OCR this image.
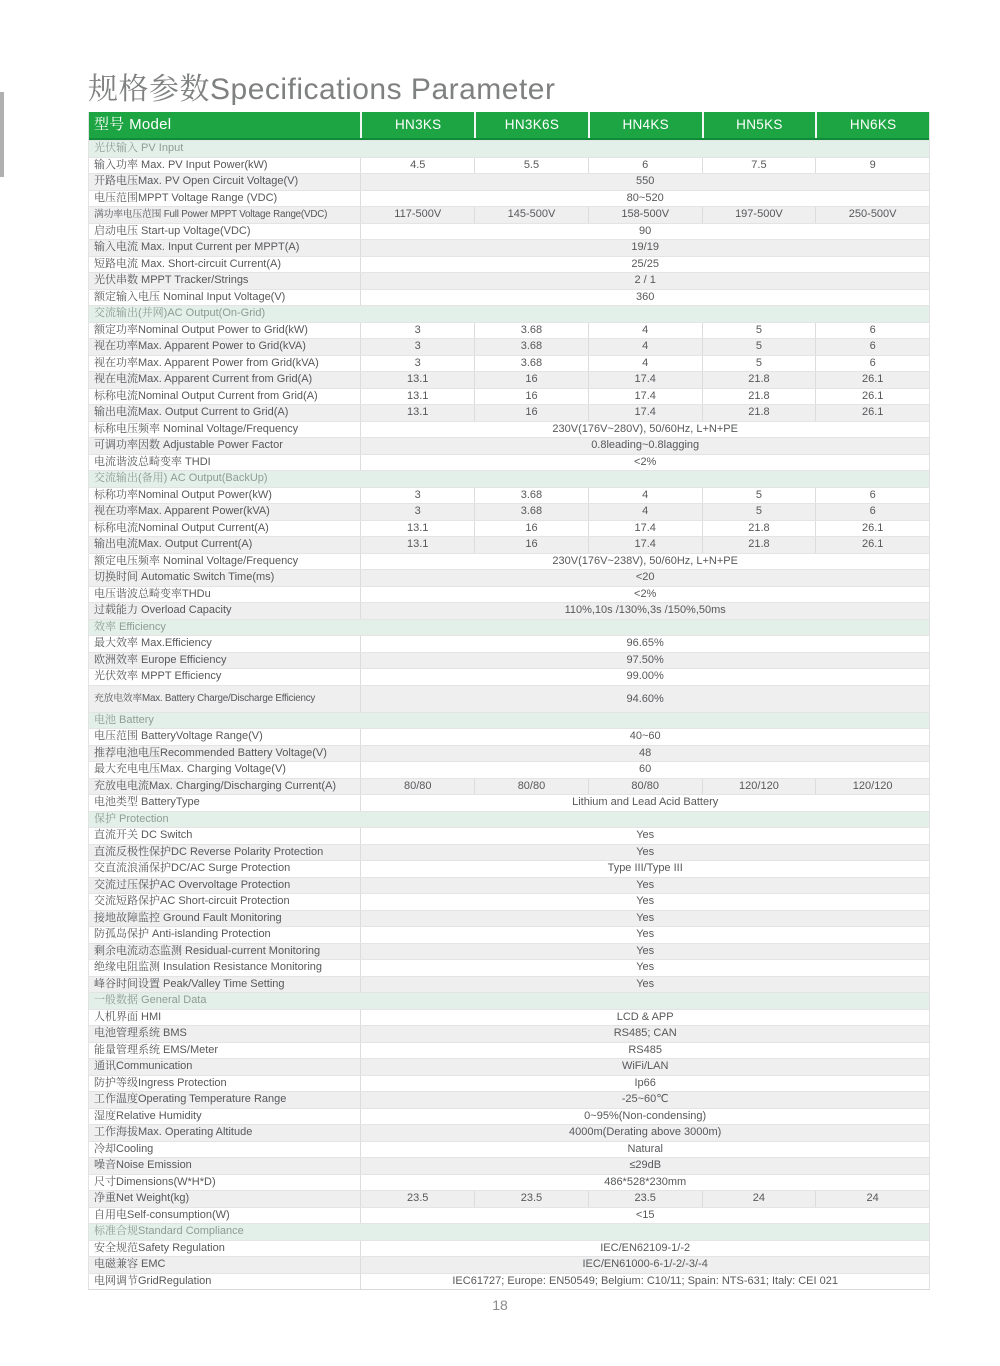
规格参数Specifications Parameter
型号 Model	HN3KS	HN3K6S	HN4KS	HN5KS	HN6KS
光伏输入 PV Input
输入功率 Max. PV Input Power(kW)	4.5	5.5	6	7.5	9
开路电压Max. PV Open Circuit Voltage(V)	550
电压范围MPPT Voltage Range (VDC)	80~520
满功率电压范围 Full Power MPPT Voltage Range(VDC)	117-500V	145-500V	158-500V	197-500V	250-500V
启动电压 Start-up Voltage(VDC)	90
输入电流 Max. Input Current per MPPT(A)	19/19
短路电流 Max. Short-circuit Current(A)	25/25
光伏串数 MPPT Tracker/Strings	2 / 1
额定输入电压 Nominal Input Voltage(V)	360
交流输出(并网)AC Output(On-Grid)
额定功率Nominal Output Power to Grid(kW)	3	3.68	4	5	6
视在功率Max. Apparent Power to Grid(kVA)	3	3.68	4	5	6
视在功率Max. Apparent Power from Grid(kVA)	3	3.68	4	5	6
视在电流Max. Apparent Current from Grid(A)	13.1	16	17.4	21.8	26.1
标称电流Nominal Output Current from Grid(A)	13.1	16	17.4	21.8	26.1
输出电流Max. Output Current to Grid(A)	13.1	16	17.4	21.8	26.1
标称电压频率 Nominal Voltage/Frequency	230V(176V~280V), 50/60Hz, L+N+PE
可调功率因数 Adjustable Power Factor	0.8leading~0.8lagging
电流谐波总畸变率 THDI	<2%
交流输出(备用) AC Output(BackUp)
标称功率Nominal Output Power(kW)	3	3.68	4	5	6
视在功率Max. Apparent Power(kVA)	3	3.68	4	5	6
标称电流Nominal Output Current(A)	13.1	16	17.4	21.8	26.1
输出电流Max. Output Current(A)	13.1	16	17.4	21.8	26.1
额定电压频率 Nominal Voltage/Frequency	230V(176V~238V), 50/60Hz, L+N+PE
切换时间 Automatic Switch Time(ms)	<20
电压谐波总畸变率THDu	<2%
过载能力 Overload Capacity	110%,10s /130%,3s /150%,50ms
效率 Efficiency
最大效率 Max.Efficiency	96.65%
欧洲效率 Europe Efficiency	97.50%
光伏效率 MPPT Efficiency	99.00%
充放电效率Max. Battery Charge/Discharge Efficiency	94.60%
电池 Battery
电压范围 BatteryVoltage Range(V)	40~60
推荐电池电压Recommended Battery Voltage(V)	48
最大充电电压Max. Charging Voltage(V)	60
充放电电流Max. Charging/Discharging Current(A)	80/80	80/80	80/80	120/120	120/120
电池类型 BatteryType	Lithium and Lead Acid Battery
保护 Protection
直流开关 DC Switch	Yes
直流反极性保护DC Reverse Polarity Protection	Yes
交直流浪涌保护DC/AC Surge Protection	Type III/Type III
交流过压保护AC Overvoltage Protection	Yes
交流短路保护AC Short-circuit Protection	Yes
接地故障监控 Ground Fault Monitoring	Yes
防孤岛保护 Anti-islanding Protection	Yes
剩余电流动态监测 Residual-current Monitoring	Yes
绝缘电阻监测 Insulation Resistance Monitoring	Yes
峰谷时间设置 Peak/Valley Time Setting	Yes
一般数据 General Data
人机界面 HMI	LCD & APP
电池管理系统 BMS	RS485; CAN
能量管理系统 EMS/Meter	RS485
通讯Communication	WiFi/LAN
防护等级Ingress Protection	Ip66
工作温度Operating Temperature Range	-25~60℃
湿度Relative Humidity	0~95%(Non-condensing)
工作海拔Max. Operating Altitude	4000m(Derating above 3000m)
冷却Cooling	Natural
噪音Noise Emission	≤29dB
尺寸Dimensions(W*H*D)	486*528*230mm
净重Net Weight(kg)	23.5	23.5	23.5	24	24
自用电Self-consumption(W)	<15
标准合规Standard Compliance
安全规范Safety Regulation	IEC/EN62109-1/-2
电磁兼容 EMC	IEC/EN61000-6-1/-2/-3/-4
电网调节GridRegulation	IEC61727; Europe: EN50549; Belgium: C10/11; Spain: NTS-631; Italy: CEI 021
18
